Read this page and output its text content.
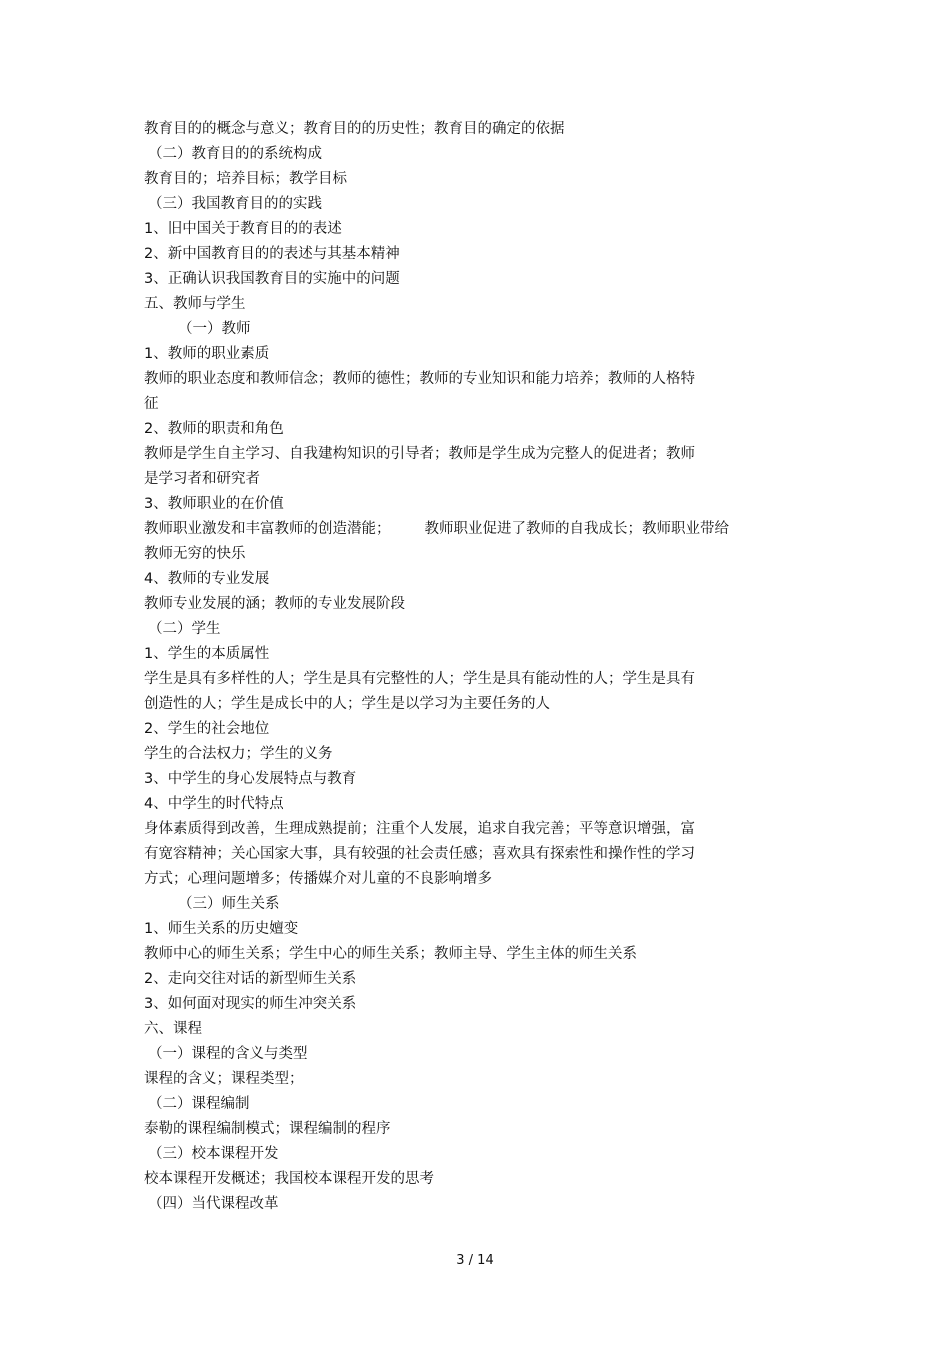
教育目的的概念与意义；教育目的的历史性；教育目的确定的依据
（二）教育目的的系统构成
教育目的；培养目标；教学目标
（三）我国教育目的的实践
1、旧中国关于教育目的的表述
2、新中国教育目的的表述与其基本精神
3、正确认识我国教育目的实施中的问题
五、教师与学生
（一）教师
1、教师的职业素质
教师的职业态度和教师信念；教师的德性；教师的专业知识和能力培养；教师的人格特
征
2、教师的职责和角色
教师是学生自主学习、自我建构知识的引导者；教师是学生成为完整人的促进者；教师
是学习者和研究者
3、教师职业的在价值
教师职业激发和丰富教师的创造潜能； 教师职业促进了教师的自我成长；教师职业带给
教师无穷的快乐
4、教师的专业发展
教师专业发展的涵；教师的专业发展阶段
（二）学生
1、学生的本质属性
学生是具有多样性的人；学生是具有完整性的人；学生是具有能动性的人；学生是具有
创造性的人；学生是成长中的人；学生是以学习为主要任务的人
2、学生的社会地位
学生的合法权力；学生的义务
3、中学生的身心发展特点与教育
4、中学生的时代特点
身体素质得到改善，生理成熟提前；注重个人发展，追求自我完善；平等意识增强，富
有宽容精神；关心国家大事，具有较强的社会责任感；喜欢具有探索性和操作性的学习
方式；心理问题增多；传播媒介对儿童的不良影响增多
（三）师生关系
1、师生关系的历史嬗变
教师中心的师生关系；学生中心的师生关系；教师主导、学生主体的师生关系
2、走向交往对话的新型师生关系
3、如何面对现实的师生冲突关系
六、课程
（一）课程的含义与类型
课程的含义；课程类型；
（二）课程编制
泰勒的课程编制模式；课程编制的程序
（三）校本课程开发
校本课程开发概述；我国校本课程开发的思考
（四）当代课程改革
3 / 14
